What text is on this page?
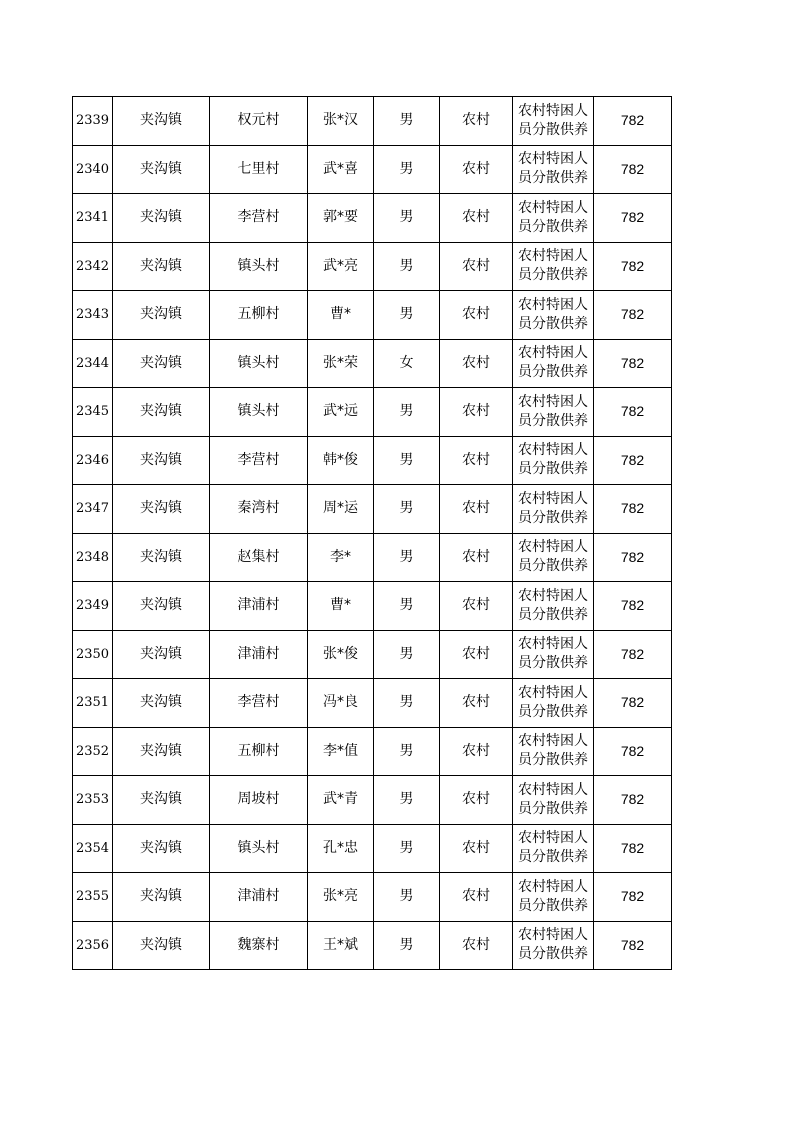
2339	夹沟镇	权元村	张*汉	男	农村	农村特困人员分散供养	782
2340	夹沟镇	七里村	武*喜	男	农村	农村特困人员分散供养	782
2341	夹沟镇	李营村	郭*要	男	农村	农村特困人员分散供养	782
2342	夹沟镇	镇头村	武*亮	男	农村	农村特困人员分散供养	782
2343	夹沟镇	五柳村	曹*	男	农村	农村特困人员分散供养	782
2344	夹沟镇	镇头村	张*荣	女	农村	农村特困人员分散供养	782
2345	夹沟镇	镇头村	武*远	男	农村	农村特困人员分散供养	782
2346	夹沟镇	李营村	韩*俊	男	农村	农村特困人员分散供养	782
2347	夹沟镇	秦湾村	周*运	男	农村	农村特困人员分散供养	782
2348	夹沟镇	赵集村	李*	男	农村	农村特困人员分散供养	782
2349	夹沟镇	津浦村	曹*	男	农村	农村特困人员分散供养	782
2350	夹沟镇	津浦村	张*俊	男	农村	农村特困人员分散供养	782
2351	夹沟镇	李营村	冯*良	男	农村	农村特困人员分散供养	782
2352	夹沟镇	五柳村	李*值	男	农村	农村特困人员分散供养	782
2353	夹沟镇	周坡村	武*青	男	农村	农村特困人员分散供养	782
2354	夹沟镇	镇头村	孔*忠	男	农村	农村特困人员分散供养	782
2355	夹沟镇	津浦村	张*亮	男	农村	农村特困人员分散供养	782
2356	夹沟镇	魏寨村	王*斌	男	农村	农村特困人员分散供养	782
